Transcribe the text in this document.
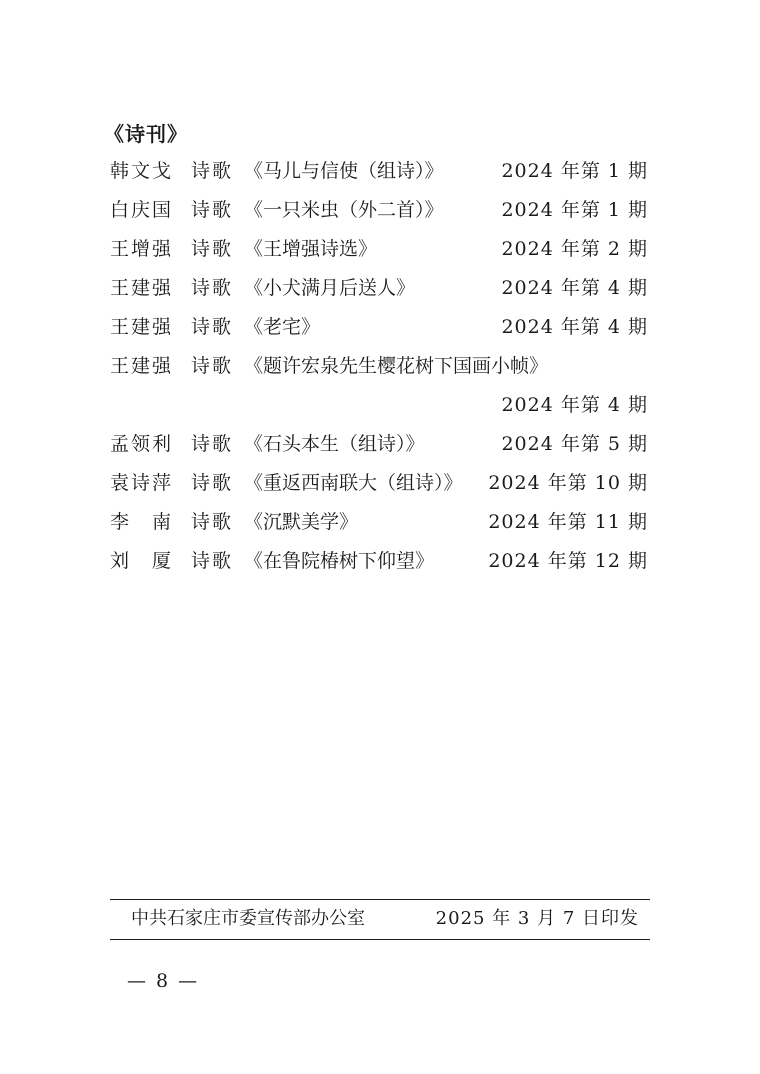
《诗刊》
韩文戈 诗歌 《马儿与信使（组诗）》	2024 年第 1 期
白庆国 诗歌 《一只米虫（外二首）》	2024 年第 1 期
王增强 诗歌 《王增强诗选》	2024 年第 2 期
王建强 诗歌 《小犬满月后送人》	2024 年第 4 期
王建强 诗歌 《老宅》	2024 年第 4 期
王建强 诗歌 《题许宏泉先生樱花树下国画小帧》
2024 年第 4 期
孟领利 诗歌 《石头本生（组诗）》	2024 年第 5 期
袁诗萍 诗歌 《重返西南联大（组诗）》 2024 年第 10 期
李　南 诗歌 《沉默美学》	2024 年第 11 期
刘　厦 诗歌 《在鲁院椿树下仰望》	2024 年第 12 期
中共石家庄市委宣传部办公室	2025 年 3 月 7 日印发
— 8 —
